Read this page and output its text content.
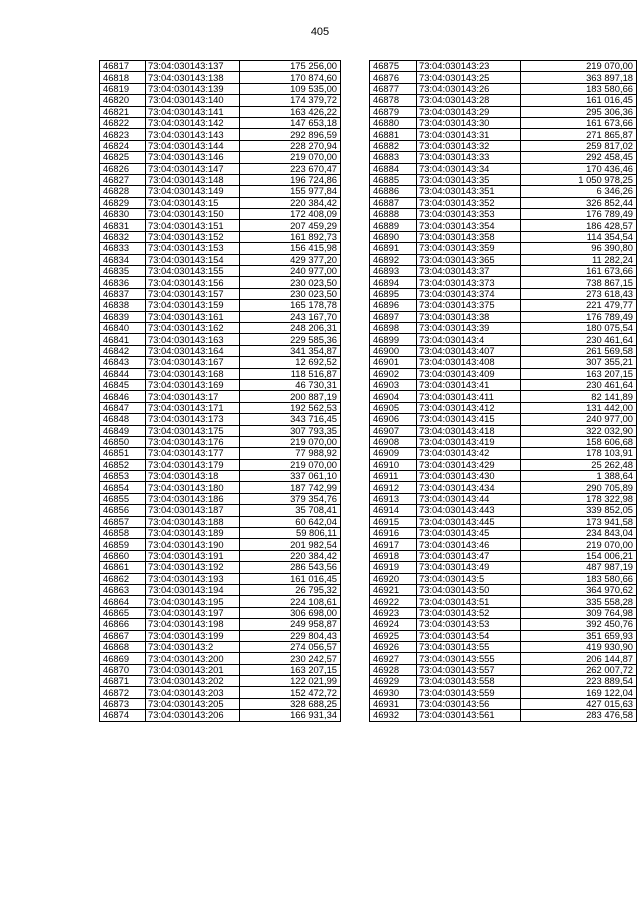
405
46817	73:04:030143:137	175 256,00
46818	73:04:030143:138	170 874,60
46819	73:04:030143:139	109 535,00
46820	73:04:030143:140	174 379,72
46821	73:04:030143:141	163 426,22
46822	73:04:030143:142	147 653,18
46823	73:04:030143:143	292 896,59
46824	73:04:030143:144	228 270,94
46825	73:04:030143:146	219 070,00
46826	73:04:030143:147	223 670,47
46827	73:04:030143:148	196 724,86
46828	73:04:030143:149	155 977,84
46829	73:04:030143:15	220 384,42
46830	73:04:030143:150	172 408,09
46831	73:04:030143:151	207 459,29
46832	73:04:030143:152	161 892,73
46833	73:04:030143:153	156 415,98
46834	73:04:030143:154	429 377,20
46835	73:04:030143:155	240 977,00
46836	73:04:030143:156	230 023,50
46837	73:04:030143:157	230 023,50
46838	73:04:030143:159	165 178,78
46839	73:04:030143:161	243 167,70
46840	73:04:030143:162	248 206,31
46841	73:04:030143:163	229 585,36
46842	73:04:030143:164	341 354,87
46843	73:04:030143:167	12 692,52
46844	73:04:030143:168	118 516,87
46845	73:04:030143:169	46 730,31
46846	73:04:030143:17	200 887,19
46847	73:04:030143:171	192 562,53
46848	73:04:030143:173	343 716,45
46849	73:04:030143:175	307 793,35
46850	73:04:030143:176	219 070,00
46851	73:04:030143:177	77 988,92
46852	73:04:030143:179	219 070,00
46853	73:04:030143:18	337 061,10
46854	73:04:030143:180	187 742,99
46855	73:04:030143:186	379 354,76
46856	73:04:030143:187	35 708,41
46857	73:04:030143:188	60 642,04
46858	73:04:030143:189	59 806,11
46859	73:04:030143:190	201 982,54
46860	73:04:030143:191	220 384,42
46861	73:04:030143:192	286 543,56
46862	73:04:030143:193	161 016,45
46863	73:04:030143:194	26 795,32
46864	73:04:030143:195	224 108,61
46865	73:04:030143:197	306 698,00
46866	73:04:030143:198	249 958,87
46867	73:04:030143:199	229 804,43
46868	73:04:030143:2	274 056,57
46869	73:04:030143:200	230 242,57
46870	73:04:030143:201	163 207,15
46871	73:04:030143:202	122 021,99
46872	73:04:030143:203	152 472,72
46873	73:04:030143:205	328 688,25
46874	73:04:030143:206	166 931,34
46875	73:04:030143:23	219 070,00
46876	73:04:030143:25	363 897,18
46877	73:04:030143:26	183 580,66
46878	73:04:030143:28	161 016,45
46879	73:04:030143:29	295 306,36
46880	73:04:030143:30	161 673,66
46881	73:04:030143:31	271 865,87
46882	73:04:030143:32	259 817,02
46883	73:04:030143:33	292 458,45
46884	73:04:030143:34	170 436,46
46885	73:04:030143:35	1 050 978,25
46886	73:04:030143:351	6 346,26
46887	73:04:030143:352	326 852,44
46888	73:04:030143:353	176 789,49
46889	73:04:030143:354	186 428,57
46890	73:04:030143:358	114 354,54
46891	73:04:030143:359	96 390,80
46892	73:04:030143:365	11 282,24
46893	73:04:030143:37	161 673,66
46894	73:04:030143:373	738 867,15
46895	73:04:030143:374	273 618,43
46896	73:04:030143:375	221 479,77
46897	73:04:030143:38	176 789,49
46898	73:04:030143:39	180 075,54
46899	73:04:030143:4	230 461,64
46900	73:04:030143:407	261 569,58
46901	73:04:030143:408	307 355,21
46902	73:04:030143:409	163 207,15
46903	73:04:030143:41	230 461,64
46904	73:04:030143:411	82 141,89
46905	73:04:030143:412	131 442,00
46906	73:04:030143:415	240 977,00
46907	73:04:030143:418	322 032,90
46908	73:04:030143:419	158 606,68
46909	73:04:030143:42	178 103,91
46910	73:04:030143:429	25 262,48
46911	73:04:030143:430	1 388,64
46912	73:04:030143:434	290 705,89
46913	73:04:030143:44	178 322,98
46914	73:04:030143:443	339 852,05
46915	73:04:030143:445	173 941,58
46916	73:04:030143:45	234 843,04
46917	73:04:030143:46	219 070,00
46918	73:04:030143:47	154 006,21
46919	73:04:030143:49	487 987,19
46920	73:04:030143:5	183 580,66
46921	73:04:030143:50	364 970,62
46922	73:04:030143:51	335 558,28
46923	73:04:030143:52	309 764,98
46924	73:04:030143:53	392 450,76
46925	73:04:030143:54	351 659,93
46926	73:04:030143:55	419 930,90
46927	73:04:030143:555	206 144,87
46928	73:04:030143:557	262 007,72
46929	73:04:030143:558	223 889,54
46930	73:04:030143:559	169 122,04
46931	73:04:030143:56	427 015,63
46932	73:04:030143:561	283 476,58
